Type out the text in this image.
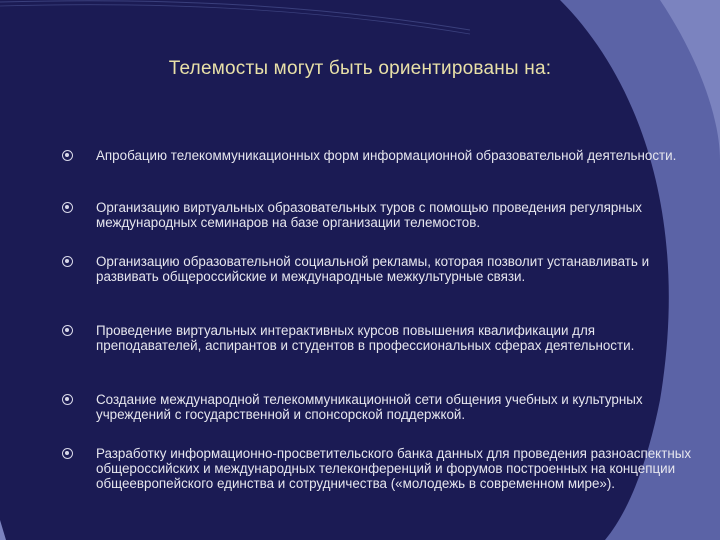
Телемосты могут быть ориентированы на:
Апробацию телекоммуникационных форм информационной образовательной деятельности.
Организацию виртуальных образовательных туров с помощью проведения регулярных международных семинаров на базе организации телемостов.
Организацию образовательной социальной рекламы, которая позволит устанавливать и развивать общероссийские и международные межкультурные связи.
Проведение виртуальных интерактивных курсов повышения квалификации для преподавателей, аспирантов и студентов в профессиональных сферах деятельности.
Создание международной телекоммуникационной сети общения учебных и культурных учреждений с государственной и спонсорской поддержкой.
Разработку информационно-просветительского банка данных для проведения разноаспектных общероссийских и международных телеконференций и форумов построенных на концепции общеевропейского единства и сотрудничества («молодежь в современном мире»).
